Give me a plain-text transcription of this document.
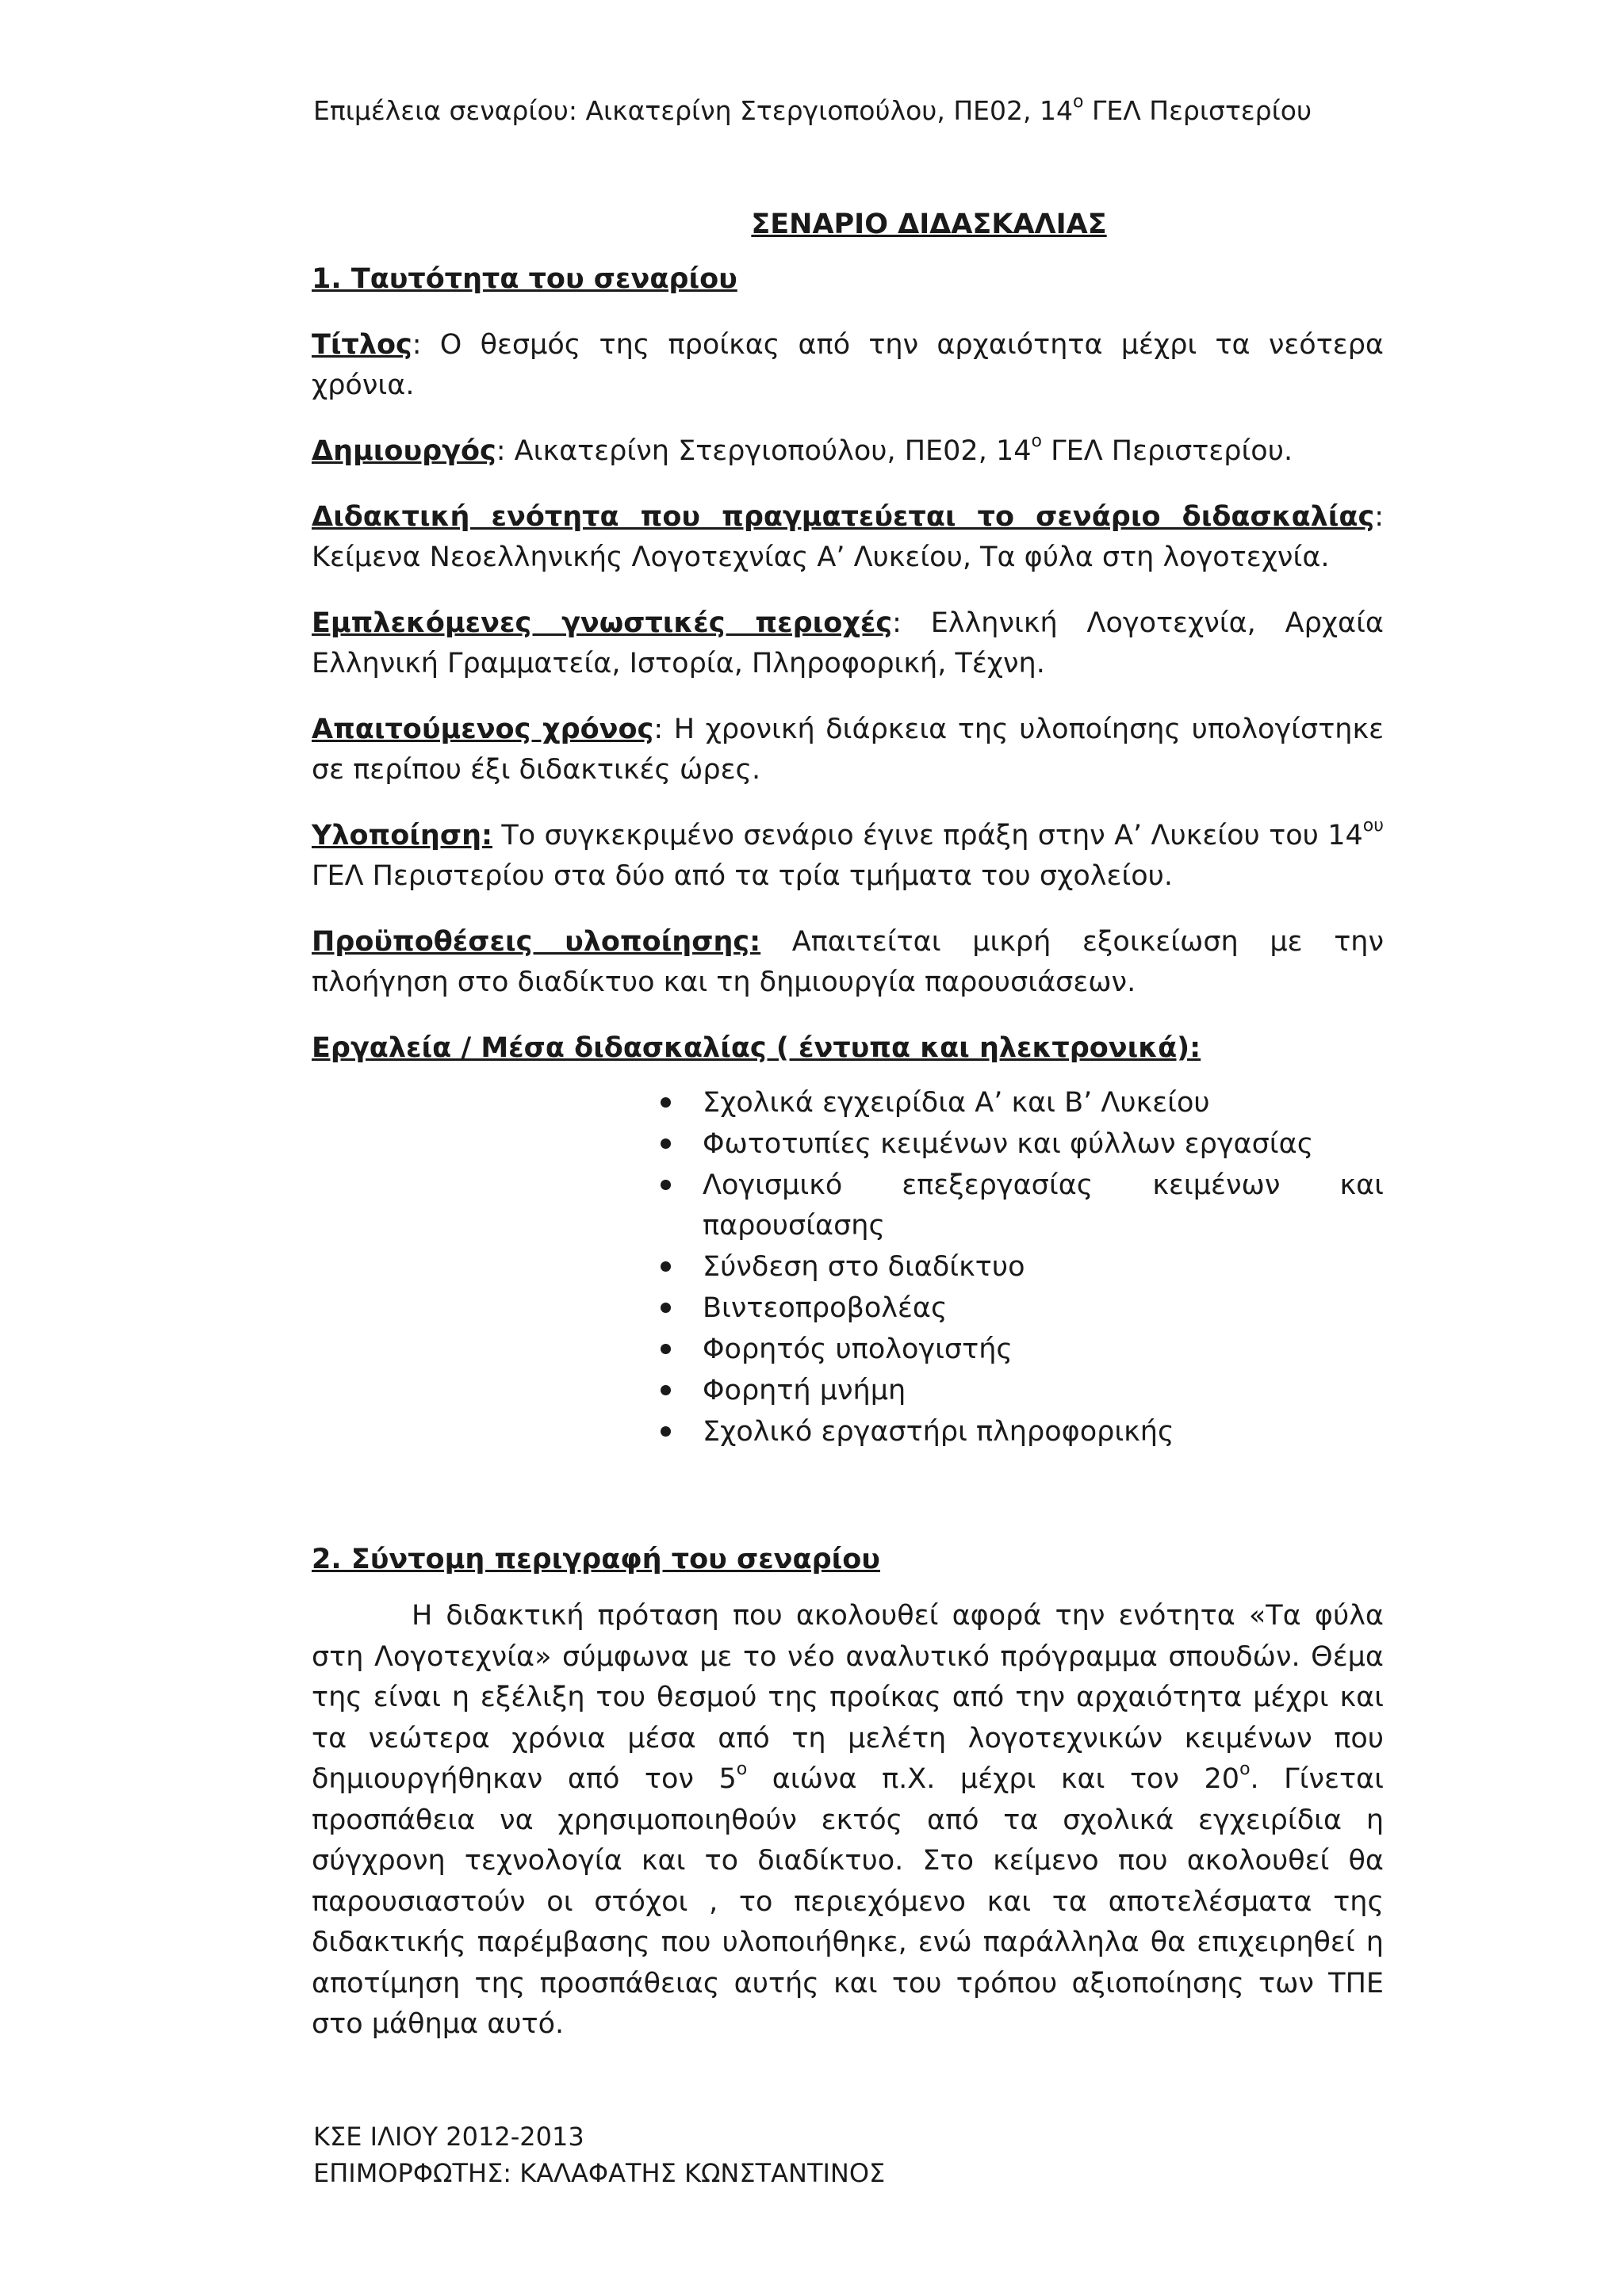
Επιμέλεια σεναρίου: Αικατερίνη Στεργιοπούλου, ΠΕ02, $14^o$ ΓΕΛ Περιστερίου
ΣΕΝΑΡΙΟ ΔΙΔΑΣΚΑΛΙΑΣ
1. Ταυτότητα του σεναρίου

Τίτλος: Ο θεσμός της προίκας από την αρχαιότητα μέχρι τα νεότερα χρόνια.

Δημιουργός: Αικατερίνη Στεργιοπούλου, ΠΕ02, $14^o$ ΓΕΛ Περιστερίου.

Διδακτική ενότητα που πραγματεύεται το σενάριο διδασκαλίας: Κείμενα Νεοελληνικής Λογοτεχνίας Α’ Λυκείου, Τα φύλα στη λογοτεχνία.

Εμπλεκόμενες γνωστικές περιοχές: Ελληνική Λογοτεχνία, Αρχαία Ελληνική Γραμματεία, Ιστορία, Πληροφορική, Τέχνη.

Απαιτούμενος χρόνος: Η χρονική διάρκεια της υλοποίησης υπολογίστηκε σε περίπου έξι διδακτικές ώρες.

Υλοποίηση: Το συγκεκριμένο σενάριο έγινε πράξη στην Α’ Λυκείου του $14^{o\upsilon}$ ΓΕΛ Περιστερίου στα δύο από τα τρία τμήματα του σχολείου.

Προϋποθέσεις υλοποίησης: Απαιτείται μικρή εξοικείωση με την πλοήγηση στο διαδίκτυο και τη δημιουργία παρουσιάσεων.

Εργαλεία / Μέσα διδασκαλίας ( έντυπα και ηλεκτρονικά):

Σχολικά εγχειρίδια Α’ και Β’ Λυκείου
Φωτοτυπίες κειμένων και φύλλων εργασίας
Λογισμικό επεξεργασίας κειμένων και παρουσίασης
Σύνδεση στο διαδίκτυο
Βιντεοπροβολέας
Φορητός υπολογιστής
Φορητή μνήμη
Σχολικό εργαστήρι πληροφορικής
2. Σύντομη περιγραφή του σεναρίου

Η διδακτική πρόταση που ακολουθεί αφορά την ενότητα «Τα φύλα στη Λογοτεχνία» σύμφωνα με το νέο αναλυτικό πρόγραμμα σπουδών. Θέμα της είναι η εξέλιξη του θεσμού της προίκας από την αρχαιότητα μέχρι και τα νεώτερα χρόνια μέσα από τη μελέτη λογοτεχνικών κειμένων που δημιουργήθηκαν από τον $5^o$ αιώνα π.Χ. μέχρι και τον $20^o$. Γίνεται προσπάθεια να χρησιμοποιηθούν εκτός από τα σχολικά εγχειρίδια η σύγχρονη τεχνολογία και το διαδίκτυο. Στο κείμενο που ακολουθεί θα παρουσιαστούν οι στόχοι , το περιεχόμενο και τα αποτελέσματα της διδακτικής παρέμβασης που υλοποιήθηκε, ενώ παράλληλα θα επιχειρηθεί η αποτίμηση της προσπάθειας αυτής και του τρόπου αξιοποίησης των ΤΠΕ στο μάθημα αυτό.

ΚΣΕ ΙΛΙΟΥ 2012-2013
ΕΠΙΜΟΡΦΩΤΗΣ: ΚΑΛΑΦΑΤΗΣ ΚΩΝΣΤΑΝΤΙΝΟΣ
